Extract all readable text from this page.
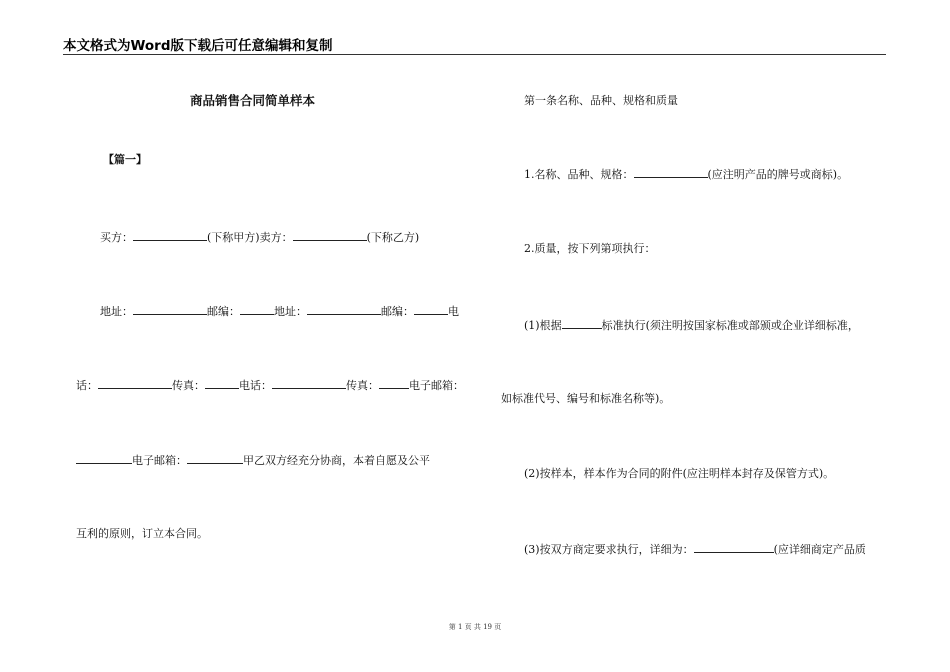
本文格式为Word版下载后可任意编辑和复制
商品销售合同简单样本
【篇一】
买方：	(下称甲方)卖方：	(下称乙方)
地址：	邮编：	地址：	邮编：	电
话：	传真：	电话：	传真：	电子邮箱：
电子邮箱：	甲乙双方经充分协商，本着自愿及公平
互利的原则，订立本合同。
第一条名称、品种、规格和质量
1.名称、品种、规格：	(应注明产品的牌号或商标)。
2.质量，按下列第项执行：
(1)根据	标准执行(须注明按国家标准或部颁或企业详细标准，
如标准代号、编号和标准名称等)。
(2)按样本，样本作为合同的附件(应注明样本封存及保管方式)。
(3)按双方商定要求执行，详细为：	(应详细商定产品质
第 1 页 共 19 页
